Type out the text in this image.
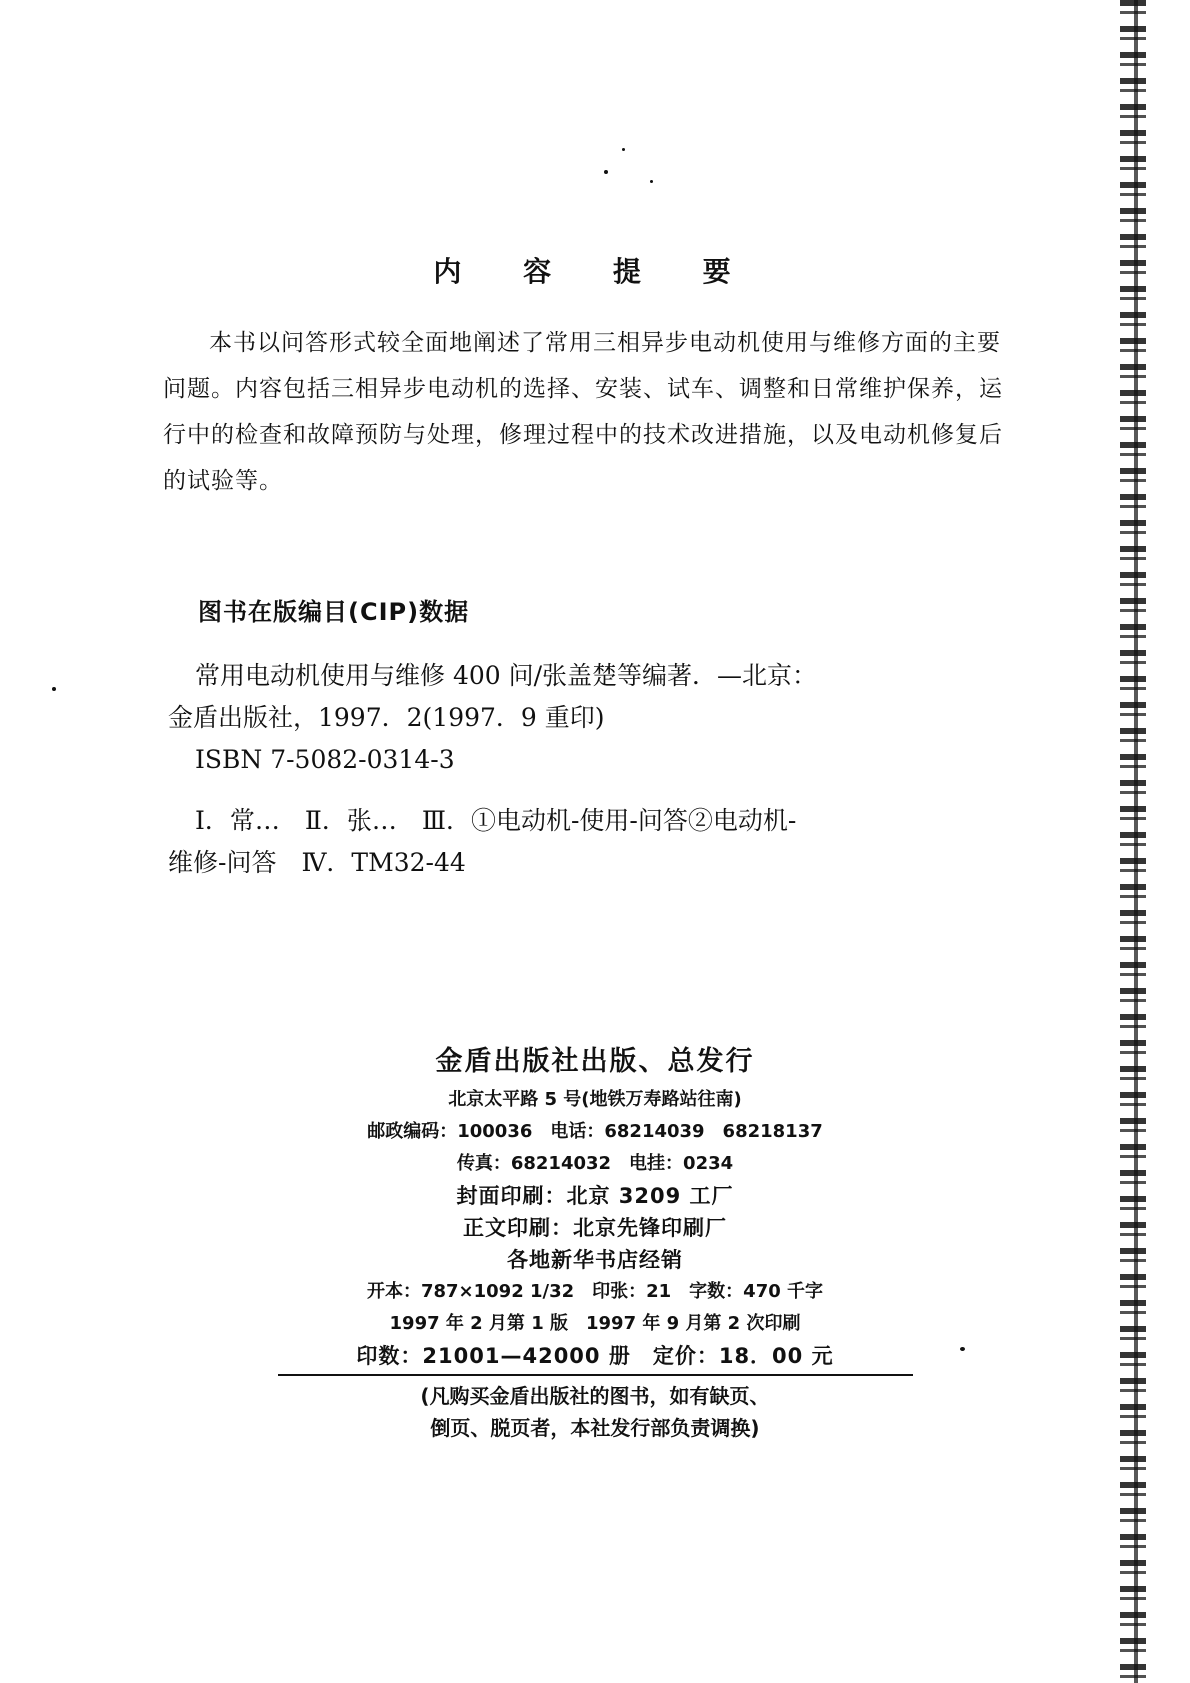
内 容 提 要

本书以问答形式较全面地阐述了常用三相异步电动机使用与维修方面的主要问题。内容包括三相异步电动机的选择、安装、试车、调整和日常维护保养，运行中的检查和故障预防与处理，修理过程中的技术改进措施，以及电动机修复后的试验等。

图书在版编目(CIP)数据
常用电动机使用与维修 400 问/张盖楚等编著．—北京：
金盾出版社，1997．2(1997．9 重印)
ISBN 7-5082-0314-3
Ⅰ．常…　Ⅱ．张…　Ⅲ．①电动机-使用-问答②电动机-
维修-问答　Ⅳ．TM32-44
金盾出版社出版、总发行
北京太平路 5 号(地铁万寿路站往南)
邮政编码：100036　电话：68214039　68218137
传真：68214032　电挂：0234
封面印刷：北京 3209 工厂
正文印刷：北京先锋印刷厂
各地新华书店经销
开本：787×1092 1/32　印张：21　字数：470 千字
1997 年 2 月第 1 版　1997 年 9 月第 2 次印刷
印数：21001—42000 册　定价：18．00 元
(凡购买金盾出版社的图书，如有缺页、
倒页、脱页者，本社发行部负责调换)
